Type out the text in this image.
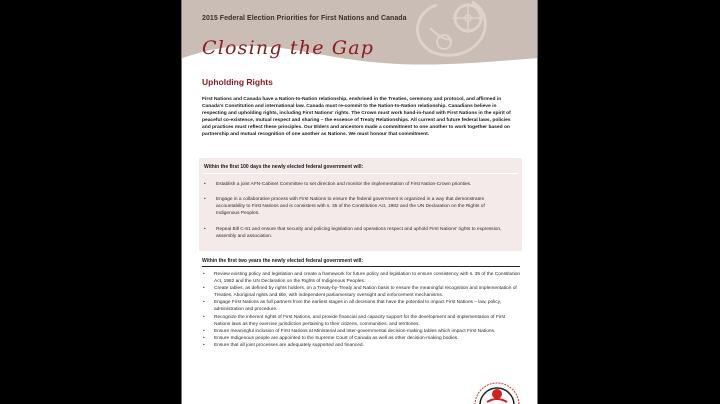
2015 Federal Election Priorities for First Nations and Canada
Closing the Gap
Upholding Rights
First Nations and Canada have a Nation-to-Nation relationship, enshrined in the Treaties, ceremony and protocol, and affirmed in Canada's Constitution and international law. Canada must re-commit to the Nation-to-Nation relationship. Canadians believe in respecting and upholding rights, including First Nations' rights. The Crown must work hand-in-hand with First Nations in the spirit of peaceful co-existence, mutual respect and sharing – the essence of Treaty Relationships. All current and future federal laws, policies and practices must reflect these principles. Our Elders and ancestors made a commitment to one another to work together based on partnership and mutual recognition of one another as Nations. We must honour that commitment.
Within the first 100 days the newly elected federal government will:
• Establish a joint AFN-Cabinet Committee to set direction and monitor the implementation of First Nation-Crown priorities.
• Engage in a collaborative process with First Nations to ensure the federal government is organized in a way that demonstrates accountability to First Nations and is consistent with s. 35 of the Constitution Act, 1982 and the UN Declaration on the Rights of Indigenous Peoples.
• Repeal Bill C-51 and ensure that security and policing legislation and operations respect and uphold First Nations' rights to expression, assembly and association.
Within the first two years the newly elected federal government will:
• Review existing policy and legislation and create a framework for future policy and legislation to ensure consistency with s. 35 of the Constitution Act, 1982 and the UN Declaration on the Rights of Indigenous Peoples.
• Create tables, as defined by rights holders, on a Treaty-by-Treaty and Nation basis to ensure the meaningful recognition and implementation of Treaties, Aboriginal rights and title, with independent parliamentary oversight and enforcement mechanisms.
• Engage First Nations as full partners from the earliest stages in all decisions that have the potential to impact First Nations – law, policy, administration and procedure.
• Recognize the inherent rights of First Nations, and provide financial and capacity support for the development and implementation of First Nations laws as they exercise jurisdiction pertaining to their citizens, communities, and territories.
• Ensure meaningful inclusion of First Nations at Ministerial and inter-governmental decision-making tables which impact First Nations.
• Ensure Indigenous people are appointed to the Supreme Court of Canada as well as other decision-making bodies.
• Ensure that all joint processes are adequately supported and financed.
